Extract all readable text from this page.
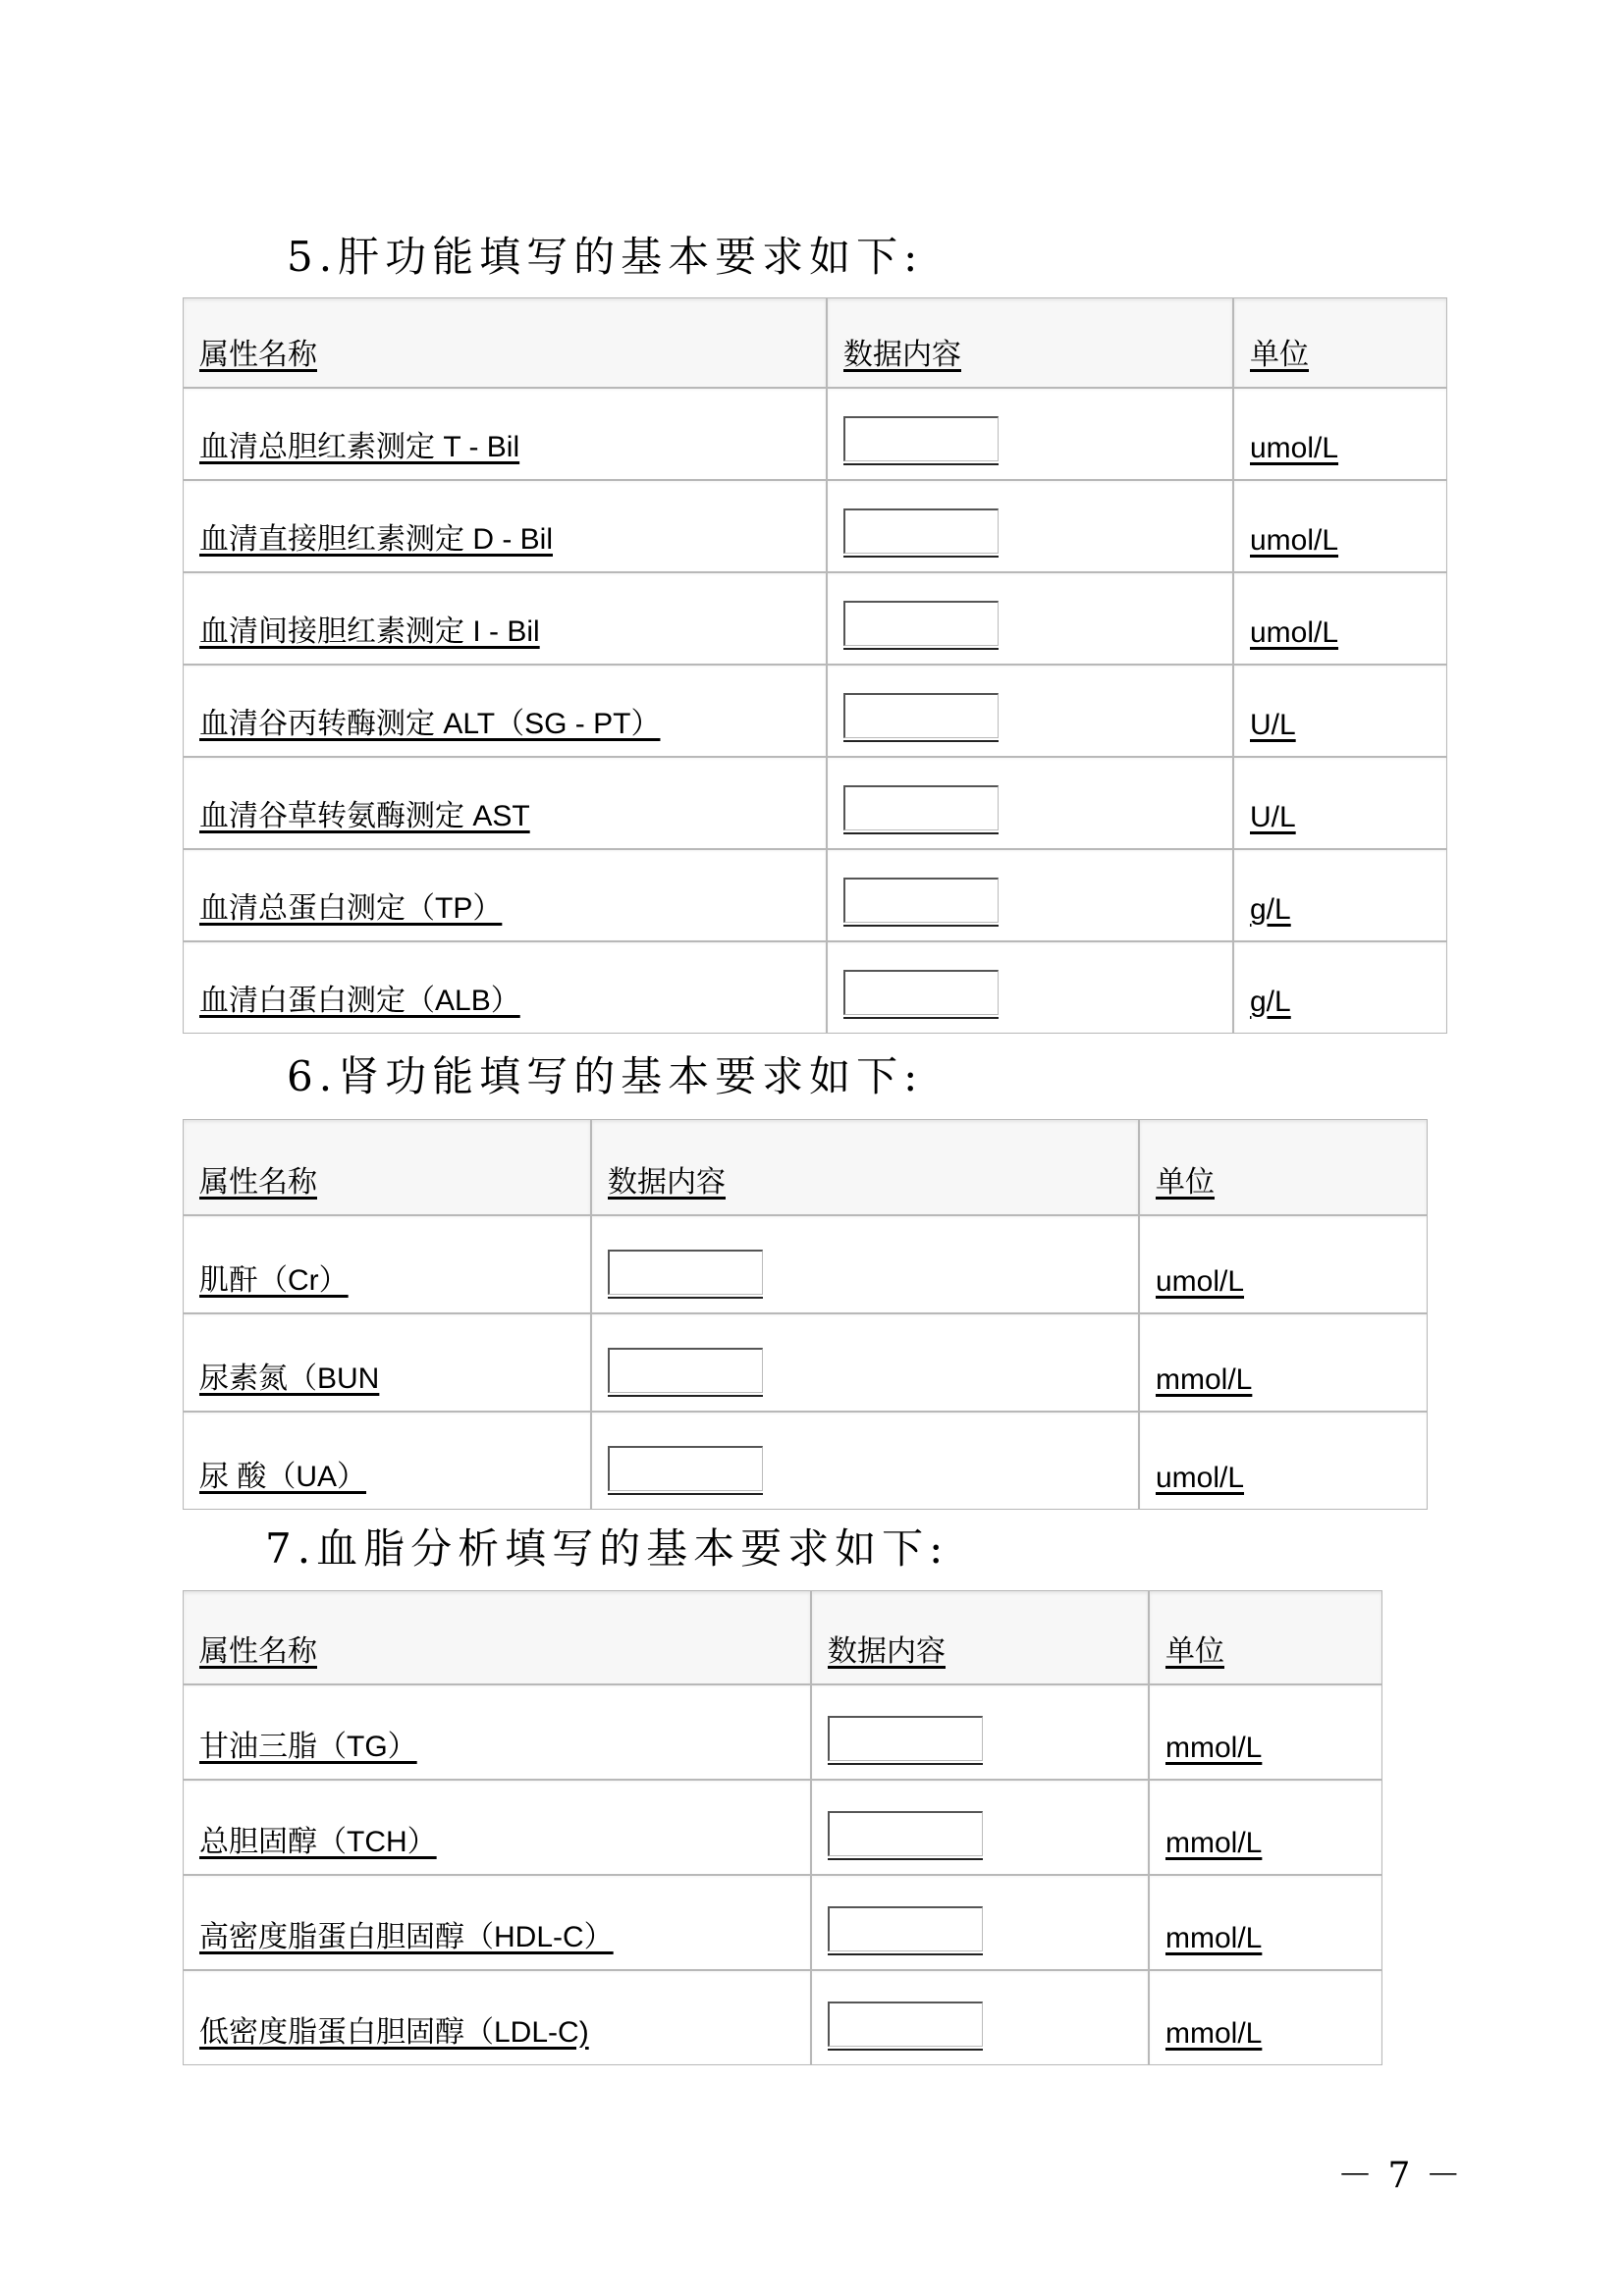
5.肝功能填写的基本要求如下:
属性名称	数据内容	单位
血清总胆红素测定 T - Bil		umol/L
血清直接胆红素测定 D - Bil		umol/L
血清间接胆红素测定 I - Bil		umol/L
血清谷丙转酶测定 ALT（SG - PT）		U/L
血清谷草转氨酶测定 AST		U/L
血清总蛋白测定（TP）		g/L
血清白蛋白测定（ALB）		g/L
6.肾功能填写的基本要求如下:
属性名称	数据内容	单位
肌酐（Cr）		umol/L
尿素氮（BUN		mmol/L
尿 酸（UA）		umol/L
7.血脂分析填写的基本要求如下:
属性名称	数据内容	单位
甘油三脂（TG）		mmol/L
总胆固醇（TCH）		mmol/L
高密度脂蛋白胆固醇（HDL-C）		mmol/L
低密度脂蛋白胆固醇（LDL-C)		mmol/L
－ 7 －
